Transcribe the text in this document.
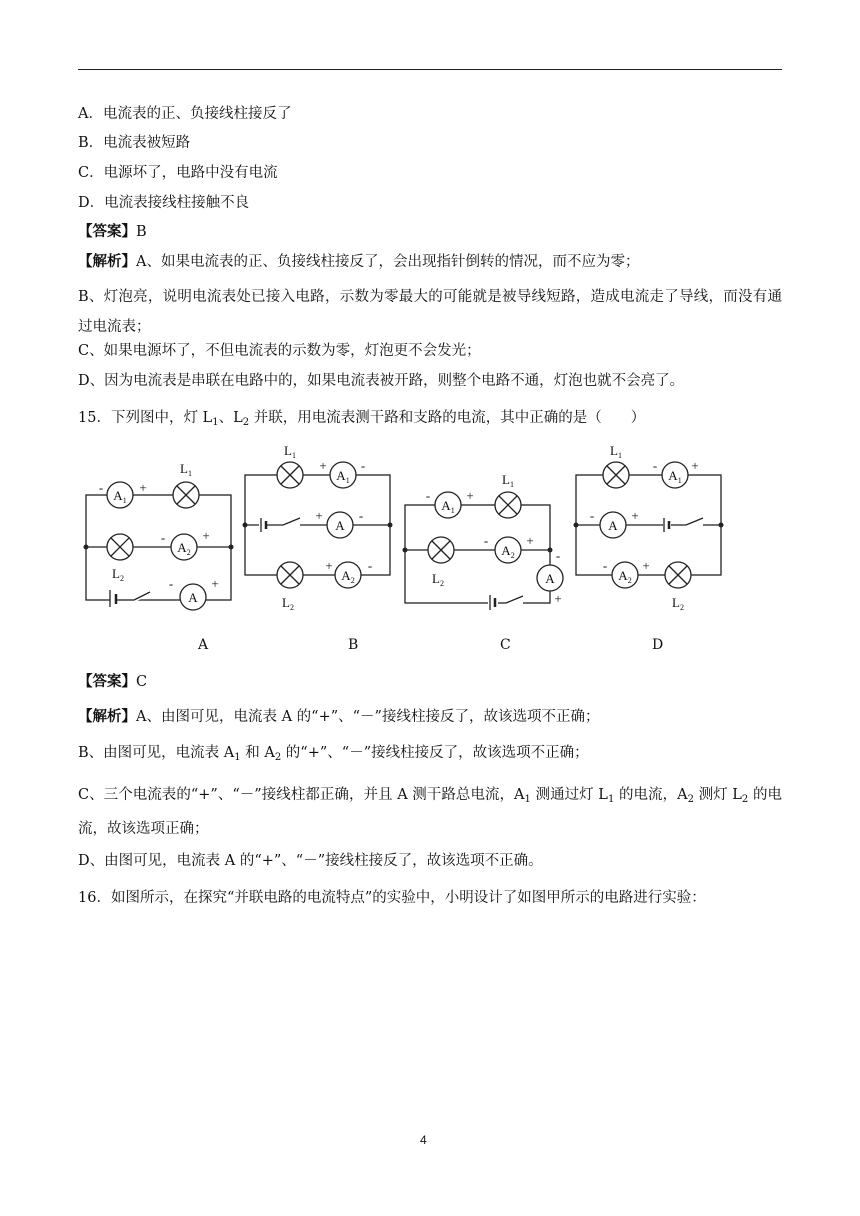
A．电流表的正、负接线柱接反了
B．电流表被短路
C．电源坏了，电路中没有电流
D．电流表接线柱接触不良
【答案】B
【解析】A、如果电流表的正、负接线柱接反了，会出现指针倒转的情况，而不应为零；
B、灯泡亮，说明电流表处已接入电路，示数为零最大的可能就是被导线短路，造成电流走了导线，而没有通过电流表；
C、如果电源坏了，不但电流表的示数为零，灯泡更不会发光；
D、因为电流表是串联在电路中的，如果电流表被开路，则整个电路不通，灯泡也就不会亮了。
15．下列图中，灯 $L_1$、$L_2$ 并联，用电流表测干路和支路的电流，其中正确的是（　　）
$A_1$
$A_2$
A
$L_1$
$L_2$
-	+
-	+
-	+
$L_1$
$A_1$
A
$A_2$
$L_2$
+	-
+	-
+	-
$L_1$
$A_1$
$A_2$
A
$L_2$
-	+
-	+
-
+
$L_1$
$A_1$
A
$A_2$
$L_2$
-	+
-	+
-	+
A	B	C	D
【答案】C
【解析】A、由图可见，电流表 A 的“+”、“－”接线柱接反了，故该选项不正确；
B、由图可见，电流表 $A_1$ 和 $A_2$ 的“+”、“－”接线柱接反了，故该选项不正确；
C、三个电流表的“+”、“－”接线柱都正确，并且 A 测干路总电流，$A_1$ 测通过灯 $L_1$ 的电流，$A_2$ 测灯 $L_2$ 的电流，故该选项正确；
D、由图可见，电流表 A 的“+”、“－”接线柱接反了，故该选项不正确。
16．如图所示，在探究“并联电路的电流特点”的实验中，小明设计了如图甲所示的电路进行实验：
4
